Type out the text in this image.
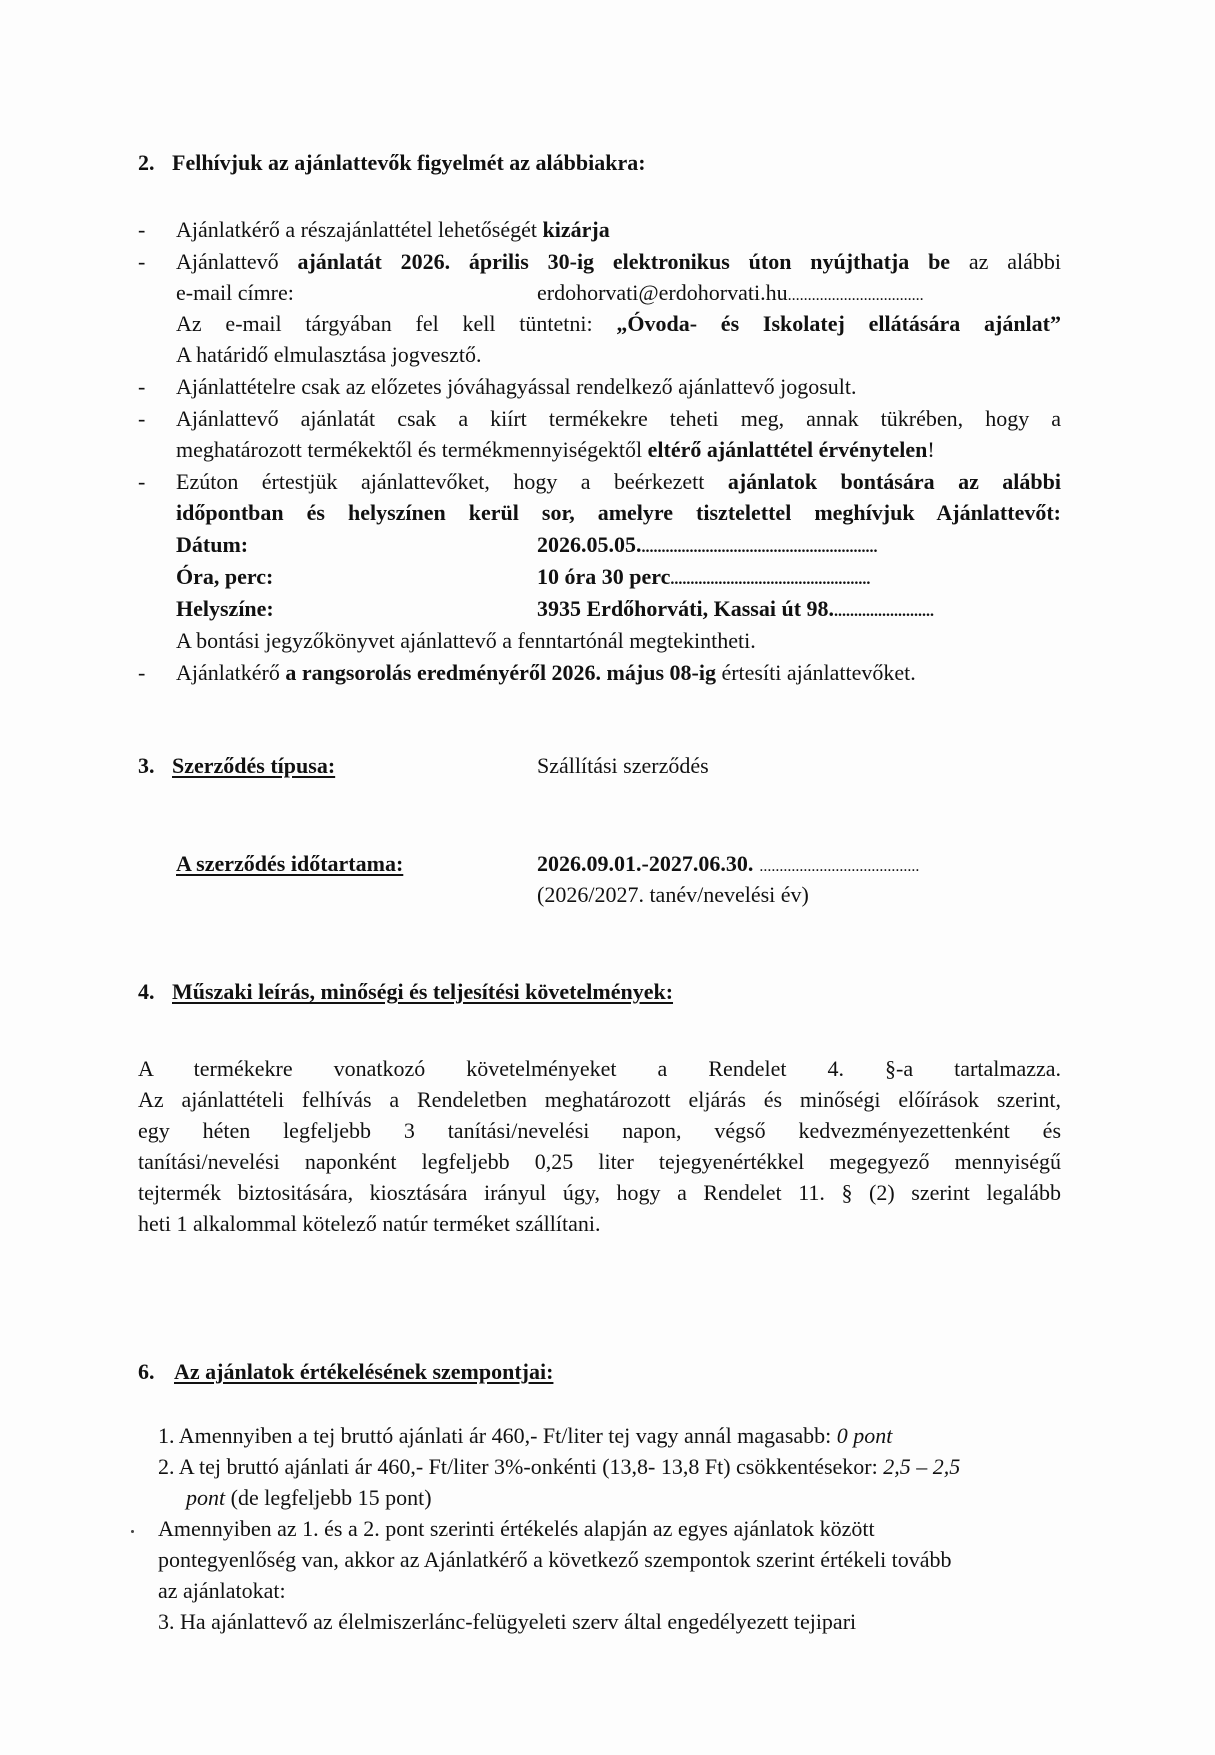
2. Felhívjuk az ajánlattevők figyelmét az alábbiakra:
- Ajánlatkérő a részajánlattétel lehetőségét kizárja
- Ajánlattevő ajánlatát 2026. április 30-ig elektronikus úton nyújthatja be az alábbi
e-mail címre:	erdohorvati@erdohorvati.hu..................................
Az e-mail tárgyában fel kell tüntetni: „Óvoda- és Iskolatej ellátására ajánlat”
A határidő elmulasztása jogvesztő.
- Ajánlattételre csak az előzetes jóváhagyással rendelkező ajánlattevő jogosult.
- Ajánlattevő ajánlatát csak a kiírt termékekre teheti meg, annak tükrében, hogy a
meghatározott termékektől és termékmennyiségektől eltérő ajánlattétel érvénytelen!
- Ezúton értestjük ajánlattevőket, hogy a beérkezett ajánlatok bontására az alábbi
időpontban és helyszínen kerül sor, amelyre tisztelettel meghívjuk Ajánlattevőt:
Dátum:	2026.05.05............................................................
Óra, perc:	10 óra 30 perc..................................................
Helyszíne:	3935 Erdőhorváti, Kassai út 98..........................
A bontási jegyzőkönyvet ajánlattevő a fenntartónál megtekintheti.
- Ajánlatkérő a rangsorolás eredményéről 2026. május 08-ig értesíti ajánlattevőket.
3. Szerződés típusa:	Szállítási szerződés
A szerződés időtartama:	2026.09.01.-2027.06.30. ........................................
(2026/2027. tanév/nevelési év)
4. Műszaki leírás, minőségi és teljesítési követelmények:
A termékekre vonatkozó követelményeket a Rendelet 4. §-a tartalmazza.
Az ajánlattételi felhívás a Rendeletben meghatározott eljárás és minőségi előírások szerint,
egy héten legfeljebb 3 tanítási/nevelési napon, végső kedvezményezettenként és
tanítási/nevelési naponként legfeljebb 0,25 liter tejegyenértékkel megegyező mennyiségű
tejtermék biztositására, kiosztására irányul úgy, hogy a Rendelet 11. § (2) szerint legalább
heti 1 alkalommal kötelező natúr terméket szállítani.
6. Az ajánlatok értékelésének szempontjai:
1. Amennyiben a tej bruttó ajánlati ár 460,- Ft/liter tej vagy annál magasabb: 0 pont
2. A tej bruttó ajánlati ár 460,- Ft/liter 3%-onkénti (13,8- 13,8 Ft) csökkentésekor: 2,5 – 2,5
pont (de legfeljebb 15 pont)
Amennyiben az 1. és a 2. pont szerinti értékelés alapján az egyes ajánlatok között
pontegyenlőség van, akkor az Ajánlatkérő a következő szempontok szerint értékeli tovább
az ajánlatokat:
3. Ha ajánlattevő az élelmiszerlánc-felügyeleti szerv által engedélyezett tejipari
